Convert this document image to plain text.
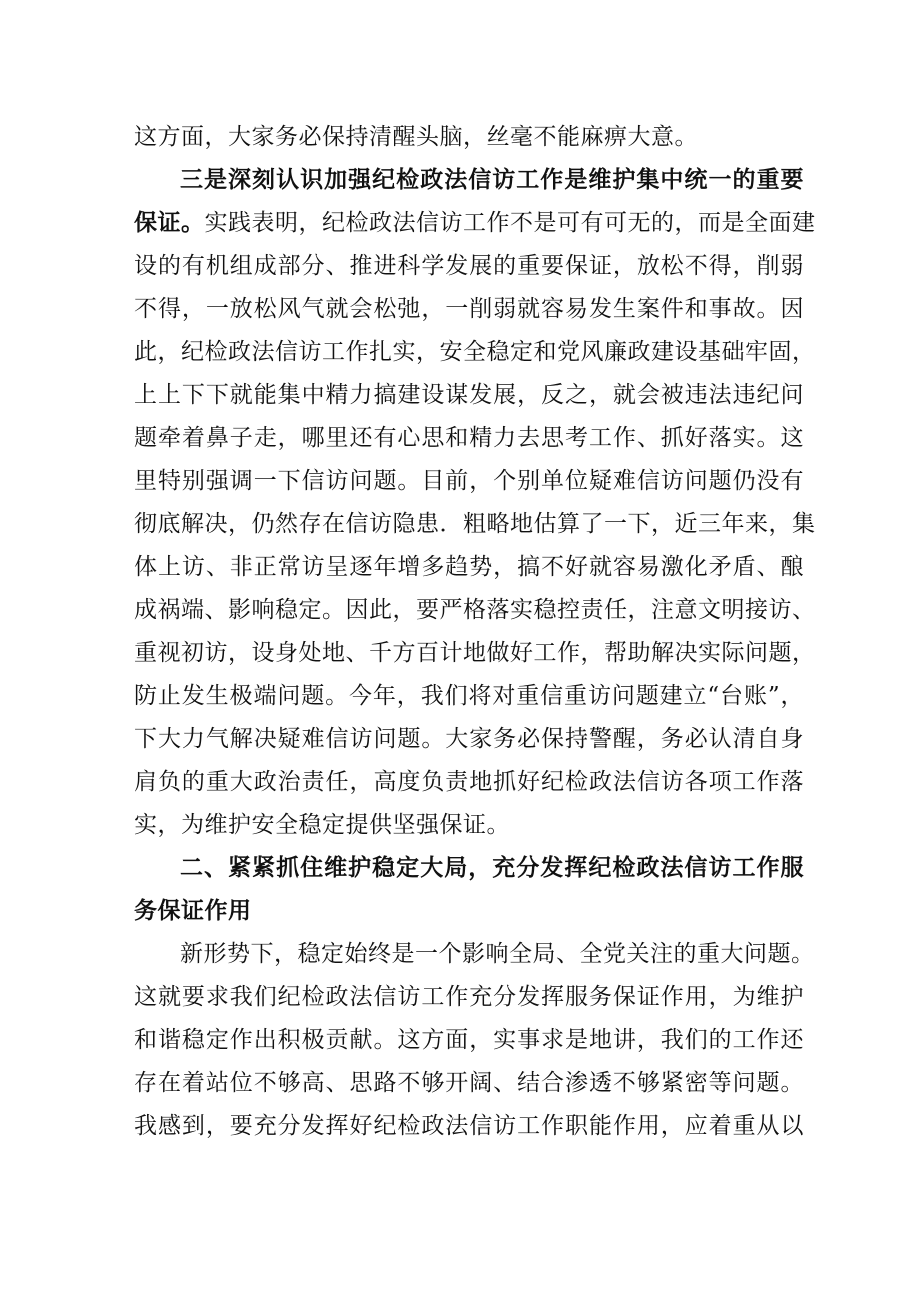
这方面，大家务必保持清醒头脑，丝毫不能麻痹大意。
三是深刻认识加强纪检政法信访工作是维护集中统一的重要
保证。实践表明，纪检政法信访工作不是可有可无的，而是全面建
设的有机组成部分、推进科学发展的重要保证，放松不得，削弱
不得，一放松风气就会松弛，一削弱就容易发生案件和事故。因
此，纪检政法信访工作扎实，安全稳定和党风廉政建设基础牢固，
上上下下就能集中精力搞建设谋发展，反之，就会被违法违纪问
题牵着鼻子走，哪里还有心思和精力去思考工作、抓好落实。这
里特别强调一下信访问题。目前，个别单位疑难信访问题仍没有
彻底解决，仍然存在信访隐患．粗略地估算了一下，近三年来，集
体上访、非正常访呈逐年增多趋势，搞不好就容易激化矛盾、酿
成祸端、影响稳定。因此，要严格落实稳控责任，注意文明接访、
重视初访，设身处地、千方百计地做好工作，帮助解决实际问题，
防止发生极端问题。今年，我们将对重信重访问题建立“台账”，
下大力气解决疑难信访问题。大家务必保持警醒，务必认清自身
肩负的重大政治责任，高度负责地抓好纪检政法信访各项工作落
实，为维护安全稳定提供坚强保证。
二、紧紧抓住维护稳定大局，充分发挥纪检政法信访工作服
务保证作用
新形势下，稳定始终是一个影响全局、全党关注的重大问题。
这就要求我们纪检政法信访工作充分发挥服务保证作用，为维护
和谐稳定作出积极贡献。这方面，实事求是地讲，我们的工作还
存在着站位不够高、思路不够开阔、结合渗透不够紧密等问题。
我感到，要充分发挥好纪检政法信访工作职能作用，应着重从以
